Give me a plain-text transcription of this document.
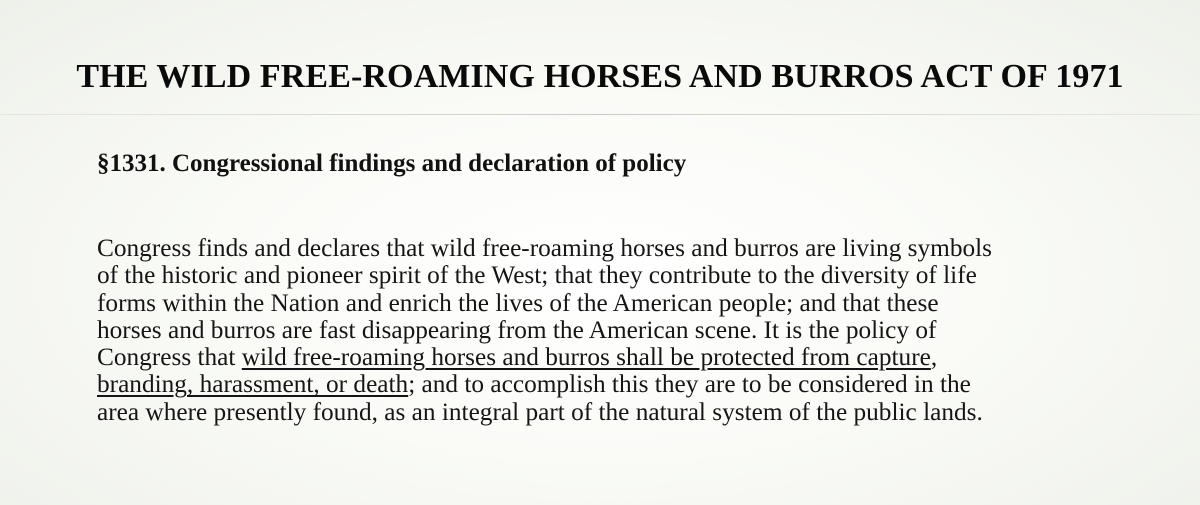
THE WILD FREE-ROAMING HORSES AND BURROS ACT OF 1971
§1331. Congressional findings and declaration of policy
Congress finds and declares that wild free-roaming horses and burros are living symbols
of the historic and pioneer spirit of the West; that they contribute to the diversity of life
forms within the Nation and enrich the lives of the American people; and that these
horses and burros are fast disappearing from the American scene. It is the policy of
Congress that wild free-roaming horses and burros shall be protected from capture,
branding, harassment, or death; and to accomplish this they are to be considered in the
area where presently found, as an integral part of the natural system of the public lands.
